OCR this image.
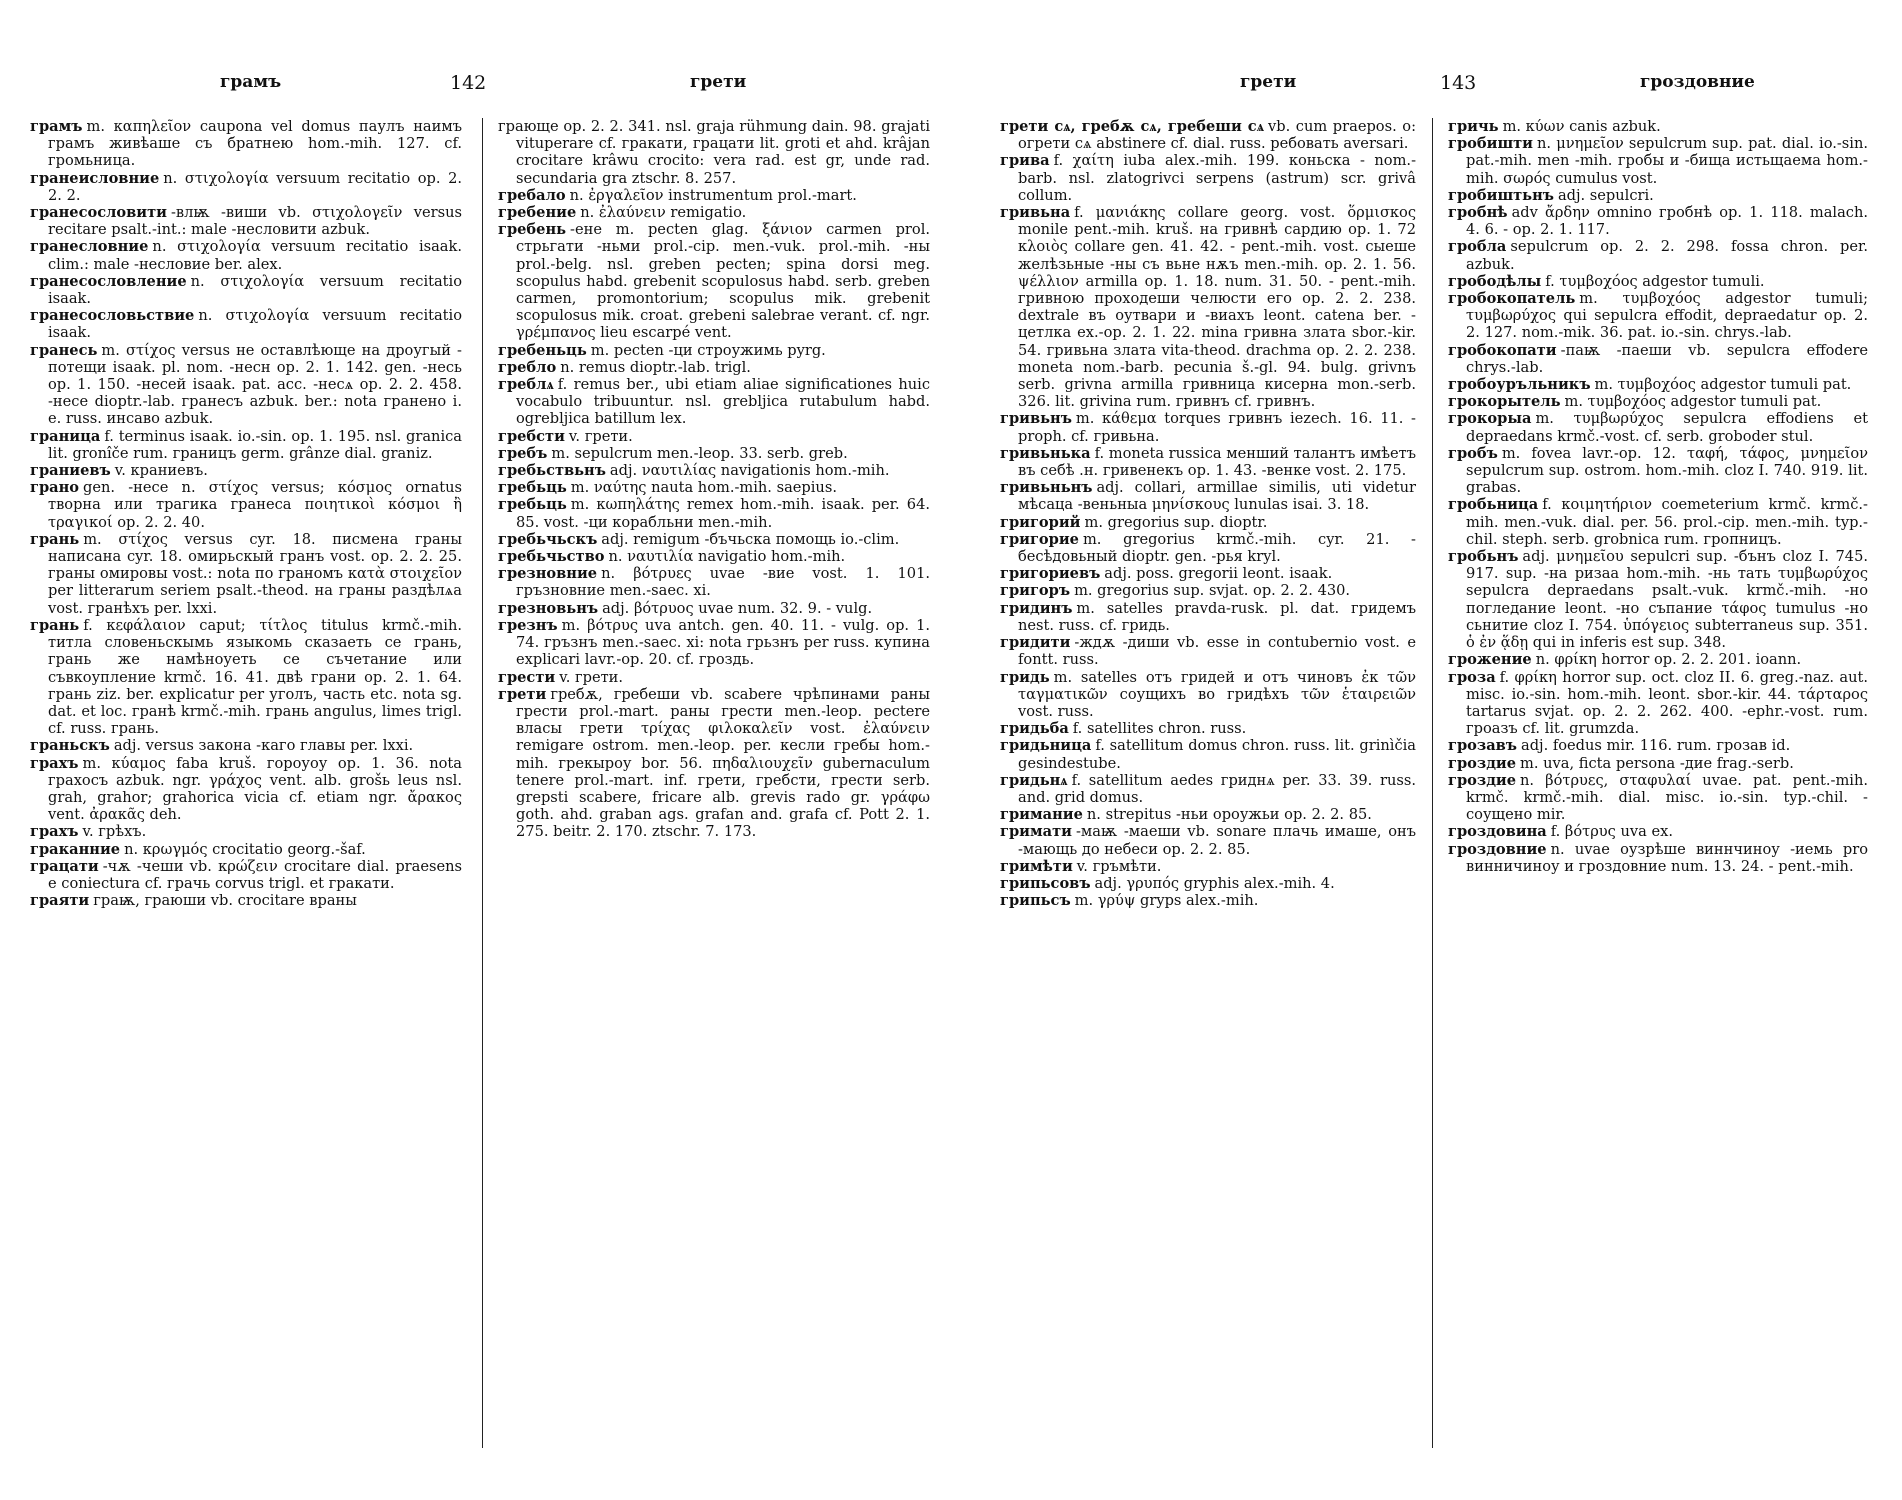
грамъ	142	грети

грамъ m. καπηλεῖον caupona vel domus паулъ наимъ грамъ живѣаше съ братнею hom.-mih. 127. cf. громьница.

гранеисловние n. στιχολογία versuum recitatio op. 2. 2. 2.

гранесословити -влѭ -виши vb. στιχολογεῖν versus recitare psalt.-int.: male -несловити azbuk.

гранесловние n. στιχολογία versuum recitatio isaak. clim.: male -несловие ber. alex.

гранесословление n. στιχολογία versuum recitatio isaak.

гранесословьствие n. στιχολογία versuum recitatio isaak.

гранесь m. στίχος versus не оставлѣюще на дроугый - потещи isaak. pl. nom. -несн op. 2. 1. 142. gen. -несь op. 1. 150. -несей isaak. pat. acc. -несѧ op. 2. 2. 458. -несе dioptr.-lab. гранесъ azbuk. ber.: nota гранено i. e. russ. инсаво azbuk.

граница f. terminus isaak. io.-sin. op. 1. 195. nsl. granica lit. gronîče rum. границъ germ. grânze dial. graniz.

граниевъ v. краниевъ.

грано gen. -несе n. στίχος versus; κόσμος ornatus творна или трагика гранеса ποιητικοὶ κόσμοι ἢ τραγικοί op. 2. 2. 40.

грань m. στίχος versus cyr. 18. писмена граны написана cyr. 18. омирьскый гранъ vost. op. 2. 2. 25. граны омировы vost.: nota по граномъ κατὰ στοιχεῖον per litterarum seriem psalt.-theod. на граны раздѣлѧа vost. гранѣхъ per. lxxi.

грань f. κεφάλαιον caput; τίτλος titulus krmč.-mih. титла словеньскымь языкомь сказаеть се грань, грань же намѣноуеть се съчетание или съвкоуплениe krmč. 16. 41. двѣ грани op. 2. 1. 64. грань ziz. ber. explicatur per уголъ, часть etc. nota sg. dat. et loc. гранѣ krmč.-mih. грань angulus, limes trigl. cf. russ. грань.

граньскъ adj. versus закона -каго главы per. lxxi.

грахъ m. κύαμος faba kruš. гороуоу op. 1. 36. nota грахосъ azbuk. ngr. γράχος vent. alb. grošь leus nsl. grah, grahor; grahorica vicia cf. etiam ngr. ἄρακος vent. ἀρακᾶς deh.

грахъ v. грѣхъ.

граканние n. κρωγμός crocitatio georg.-šaf.

грацати -чѫ -чеши vb. κρώζειν crocitare dial. praesens e coniectura cf. грачь corvus trigl. et гракати.

граяти граѭ, граюши vb. crocitare враны

грающе op. 2. 2. 341. nsl. graja rühmung dain. 98. grajati vituperare cf. гракати, грацати lit. groti et ahd. krâjan crocitare krâwu crocito: vera rad. est gr, unde rad. secundaria gra ztschr. 8. 257.

гребало n. ἐργαλεῖον instrumentum prol.-mart.

гребение n. ἐλαύνειν remigatio.

гребень -ене m. pecten glag. ξάνιον carmen prol. стрьгати -ньми prol.-cip. men.-vuk. prol.-mih. -ны prol.-belg. nsl. greben pecten; spina dorsi meg. scopulus habd. grebenit scopulosus habd. serb. greben carmen, promontorium; scopulus mik. grebenit scopulosus mik. croat. grebeni salebrae verant. cf. ngr. γρέμπανος lieu escarpé vent.

гребеньць m. pecten -ци строужимь pyrg.

гребло n. remus dioptr.-lab. trigl.

греблѧ f. remus ber., ubi etiam aliae significationes huic vocabulo tribuuntur. nsl. grebljica rutabulum habd. ogrebljica batillum lex.

гребсти v. грети.

гребъ m. sepulcrum men.-leop. 33. serb. greb.

гребьствьнъ adj. ναυτιλίας navigationis hom.-mih.

гребьць m. ναύτης nauta hom.-mih. saepius.

гребьць m. κωπηλάτης remex hom.-mih. isaak. per. 64. 85. vost. -ци корабльни men.-mih.

гребьчьскъ adj. remigum -бъчьска помощь io.-clim.

гребьчьство n. ναυτιλία navigatio hom.-mih.

грезновние n. βότρυες uvae -вие vost. 1. 101. гръзновние men.-saec. xi.

грезновьнъ adj. βότρυος uvae num. 32. 9. - vulg.

грезнъ m. βότρυς uva antch. gen. 40. 11. - vulg. op. 1. 74. гръзнъ men.-saec. xi: nota грьзнъ per russ. купина explicari lavr.-op. 20. cf. гроздь.

грести v. грети.

грети гребѫ, гребеши vb. scabere чрѣпинами раны грести prol.-mart. раны грести men.-leop. pectere власы грети τρίχας φιλοκαλεῖν vost. ἐλαύνειν remigare ostrom. men.-leop. per. кесли гребы hom.-mih. грекыроу bor. 56. πηδαλιουχεῖν gubernaculum tenere prol.-mart. inf. грети, гребсти, грести serb. grepsti scabere, fricare alb. grevis rado gr. γράφω goth. ahd. graban ags. grafan and. grafa cf. Pott 2. 1. 275. beitr. 2. 170. ztschr. 7. 173.

грети	143	гроздовние

грети сѧ, гребѫ сѧ, гребеши сѧ vb. cum praepos. о: огрети сѧ abstinere cf. dial. russ. ребовать aversari.

грива f. χαίτη iuba alex.-mih. 199. коньска - nom.-barb. nsl. zlatogrivci serpens (astrum) scr. grivâ collum.

гривьна f. μανιάκης collare georg. vost. ὅρμισκος monile pent.-mih. kruš. на гривнѣ сардию op. 1. 72 κλοιὸς collare gen. 41. 42. - pent.-mih. vost. сыеше желѣзьные -ны съ вьне нѫъ men.-mih. op. 2. 1. 56. ψέλλιον armilla op. 1. 18. num. 31. 50. - pent.-mih. гривною проходеши челюсти его op. 2. 2. 238. dextrale въ оутвари и -виахъ leont. catena ber. - цетлка ex.-op. 2. 1. 22. mina гривна злата sbor.-kir. 54. гривьна злата vita-theod. drachma op. 2. 2. 238. moneta nom.-barb. pecunia š.-gl. 94. bulg. grivnъ serb. grivna armilla гривница кисерна mon.-serb. 326. lit. grivina rum. гривнъ cf. гривнъ.

гривьнъ m. κάθεμα torques гривнъ iezech. 16. 11. - proph. cf. гривьна.

гривьнька f. moneta russica менший талантъ имѣетъ въ себѣ .н. гривенекъ op. 1. 43. -венке vost. 2. 175.

гривьньнъ adj. collari, armillae similis, uti videtur мѣсаца -вeньныа μηνίσκους lunulas isai. 3. 18.

григорий m. gregorius sup. dioptr.

григорие m. gregorius krmč.-mih. cyr. 21. - бесѣдовьный dioptr. gen. -рья kryl.

григориевъ adj. poss. gregorii leont. isaak.

григоръ m. gregorius sup. svjat. op. 2. 2. 430.

гридинъ m. satelles pravda-rusk. pl. dat. гридемъ nest. russ. cf. гридь.

гридити -ждѫ -диши vb. esse in contubernio vost. e fontt. russ.

гридь m. satelles отъ гридей и отъ чиновъ ἐκ τῶν ταγματικῶν соущихъ во гридѣхъ τῶν ἑταιρειῶν vost. russ.

гридьба f. satellites chron. russ.

гридьница f. satellitum domus chron. russ. lit. grinìčia gesindestube.

гридьнѧ f. satellitum aedes гриднѧ per. 33. 39. russ. and. grid domus.

гримание n. strepitus -ньи ороужьи op. 2. 2. 85.

гримати -маѭ -маеши vb. sonare плачь имаше, онъ -мающь до небеси op. 2. 2. 85.

гримѣти v. гръмѣти.

грипьсовъ adj. γρυπός gryphis alex.-mih. 4.

грипьсъ m. γρύψ gryps alex.-mih.

гричь m. κύων canis azbuk.

гробишти n. μνημεῖον sepulcrum sup. pat. dial. io.-sin. pat.-mih. men -mih. гробы и -бища истьщаема hom.-mih. σωρός cumulus vost.

гробиштьнъ adj. sepulcri.

гробнѣ adv ἄρδην omnino гробнѣ op. 1. 118. malach. 4. 6. - op. 2. 1. 117.

гробла sepulcrum op. 2. 2. 298. fossa chron. per. azbuk.

грободѣлы f. τυμβοχόος adgestor tumuli.

гробокопатель m. τυμβοχόος adgestor tumuli; τυμβωρύχος qui sepulcra effodit, depraedatur op. 2. 2. 127. nom.-mik. 36. pat. io.-sin. chrys.-lab.

гробокопати -паѭ -паеши vb. sepulcra effodere chrys.-lab.

гробоуръльникъ m. τυμβοχόος adgestor tumuli pat.

грокорытель m. τυμβοχόος adgestor tumuli pat.

грокорыа m. τυμβωρύχος sepulcra effodiens et depraedans krmč.-vost. cf. serb. groboder stul.

гробъ m. fovea lavr.-op. 12. ταφή, τάφος, μνημεῖον sepulcrum sup. ostrom. hom.-mih. cloz I. 740. 919. lit. grabas.

гробьница f. κοιμητήριον coemeterium krmč. krmč.-mih. men.-vuk. dial. per. 56. prol.-cip. men.-mih. typ.-chil. steph. serb. grobnica rum. гропницъ.

гробьнъ adj. μνημεῖου sepulcri sup. -бънъ cloz I. 745. 917. sup. -на ризаа hom.-mih. -нь тать τυμβωρύχος sepulcra depraedans psalt.-vuk. krmč.-mih. -но погледание leont. -но съпание τάφος tumulus -но сьнитие cloz I. 754. ὑπόγειος subterraneus sup. 351. ὁ ἐν ᾅδῃ qui in inferis est sup. 348.

грожение n. φρίκη horror op. 2. 2. 201. ioann.

гроза f. φρίκη horror sup. oct. cloz II. 6. greg.-naz. aut. misc. io.-sin. hom.-mih. leont. sbor.-kir. 44. τάρταρος tartarus svjat. op. 2. 2. 262. 400. -ephr.-vost. rum. гроазъ cf. lit. grumzda.

грозавъ adj. foedus mir. 116. rum. грозав id.

гроздие m. uva, ficta persona -дие frag.-serb.

гроздие n. βότρυες, σταφυλαί uvae. pat. pent.-mih. krmč. krmč.-mih. dial. misc. io.-sin. typ.-chil. - соущено mir.

гроздовина f. βότρυς uva ex.

гроздовние n. uvae оузрѣше виннчиноу -иемь pro винничиноу и гроздовние num. 13. 24. - pent.-mih.
